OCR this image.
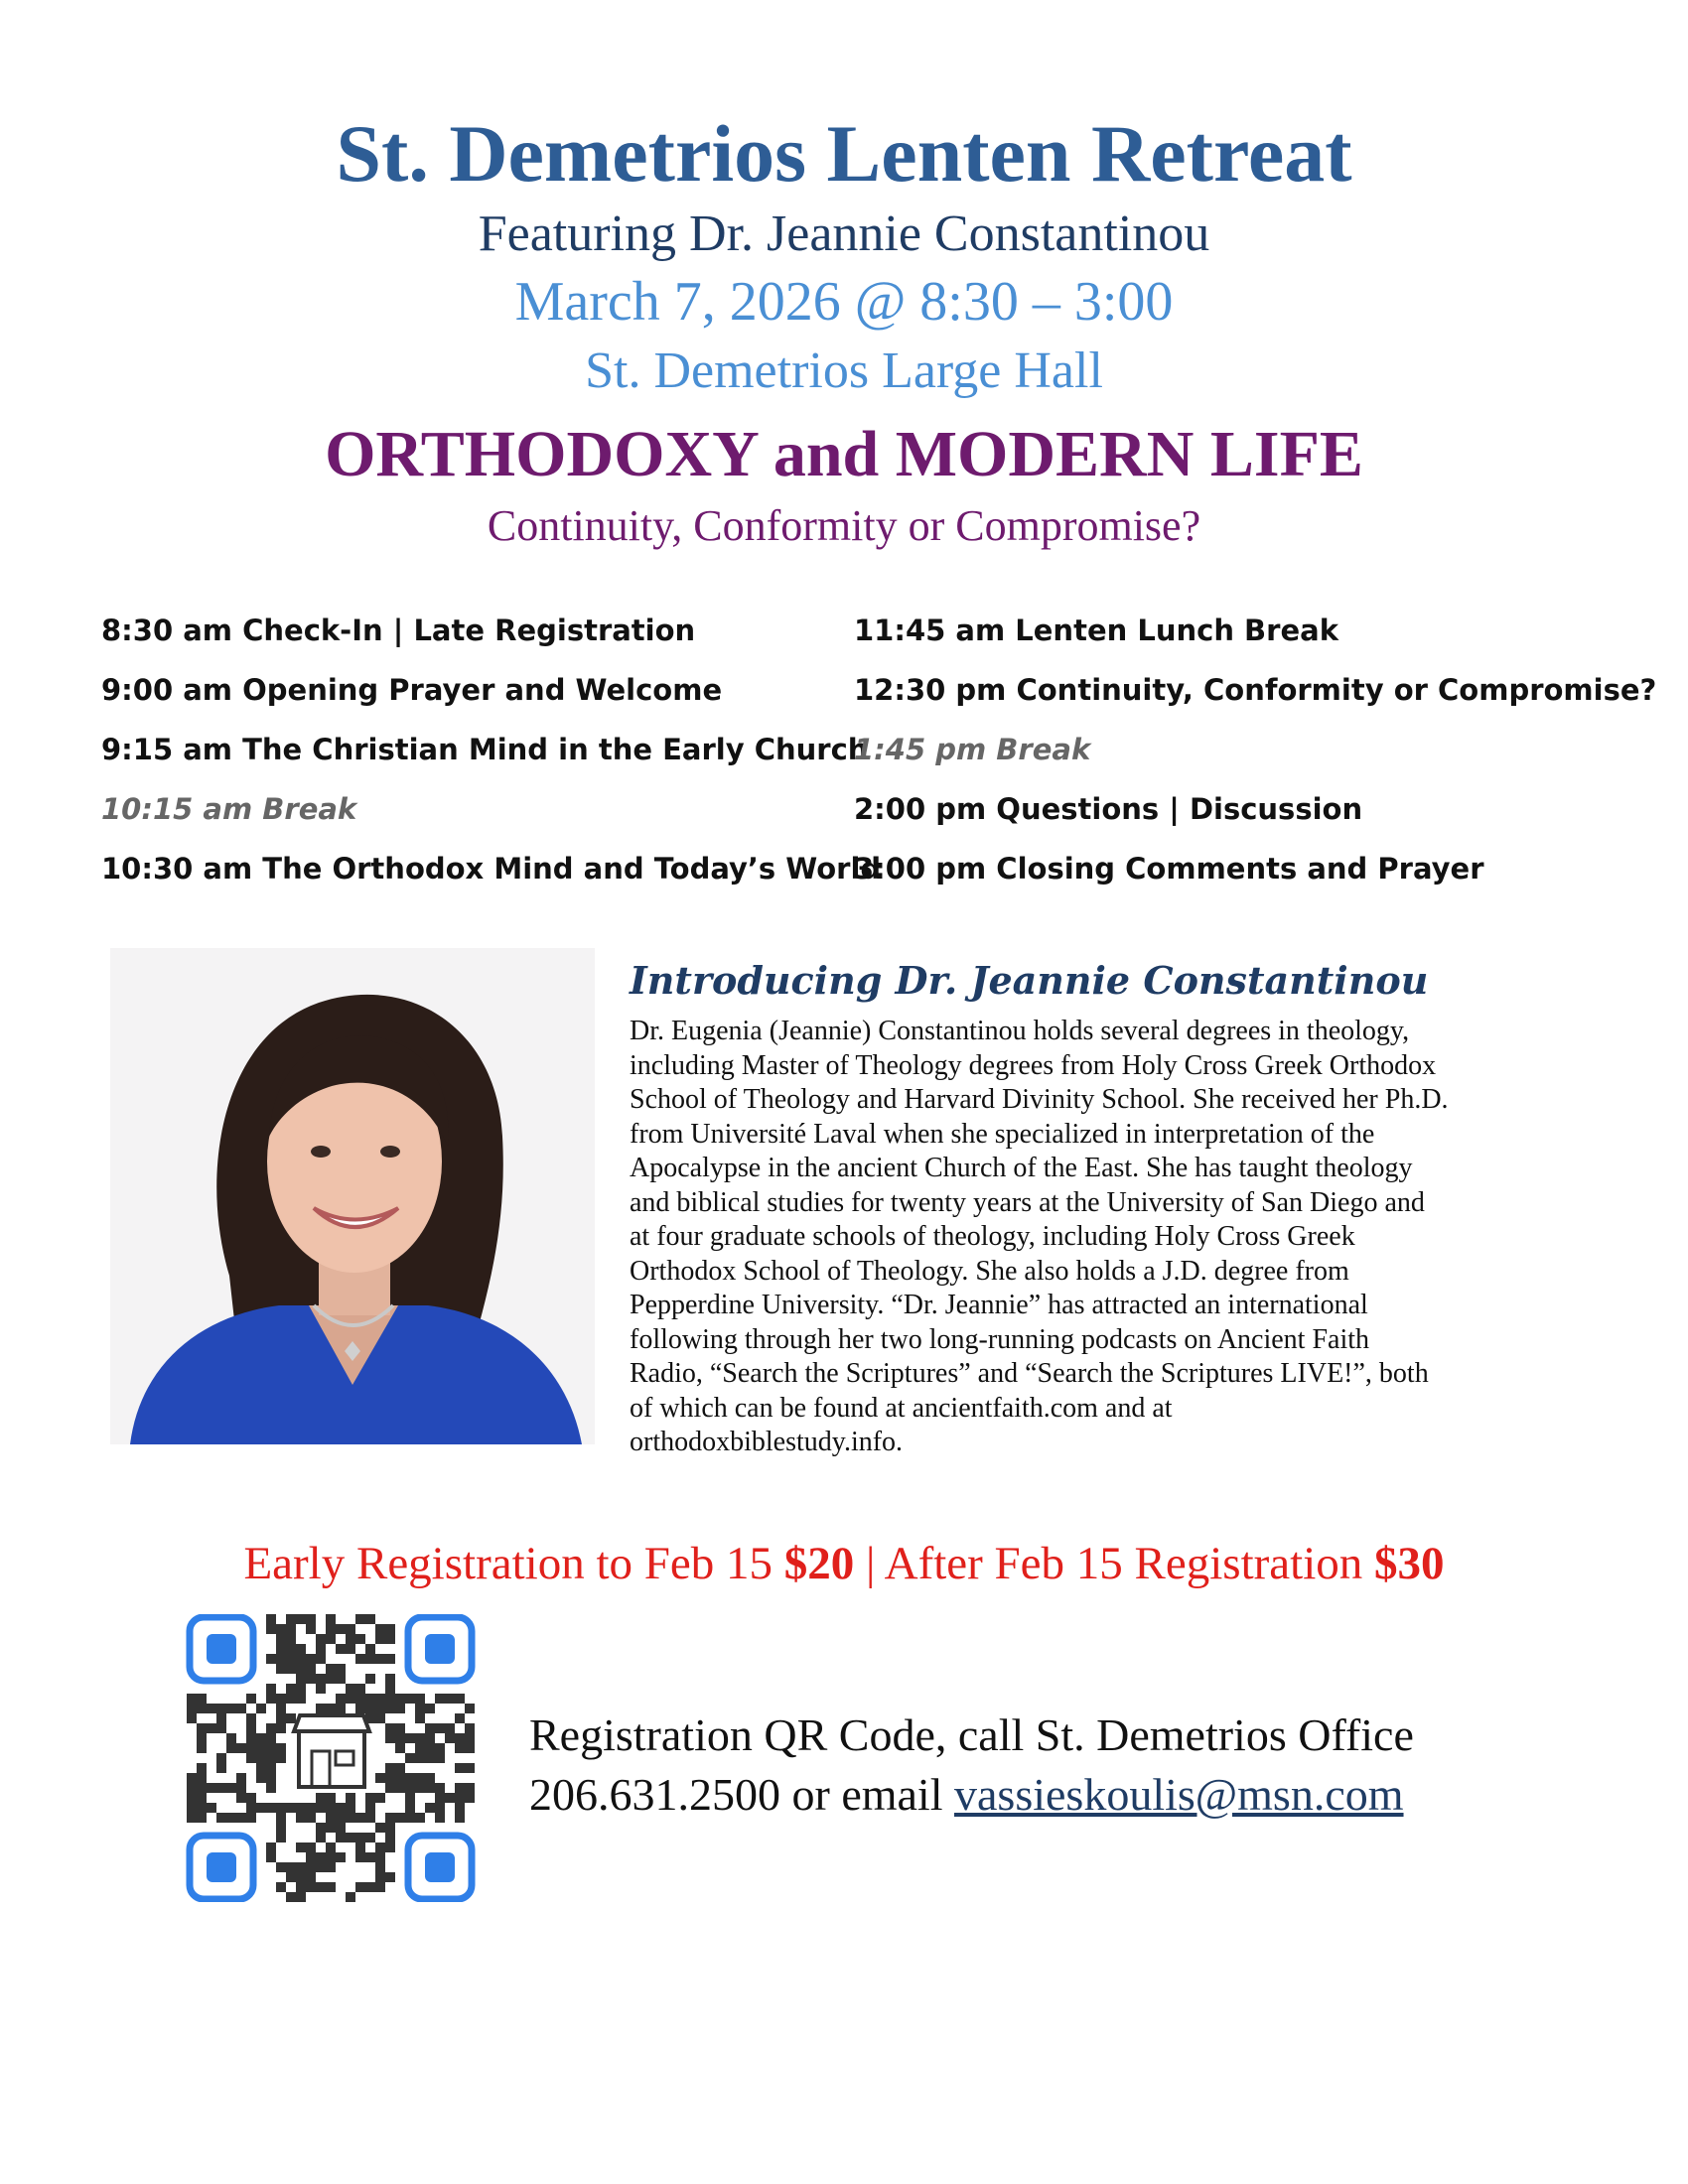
St. Demetrios Lenten Retreat
Featuring Dr. Jeannie Constantinou
March 7, 2026 @ 8:30 – 3:00
St. Demetrios Large Hall
ORTHODOXY and MODERN LIFE
Continuity, Conformity or Compromise?
8:30 am Check-In | Late Registration
9:00 am Opening Prayer and Welcome
9:15 am The Christian Mind in the Early Church
10:15 am Break
10:30 am The Orthodox Mind and Today’s World
11:45 am Lenten Lunch Break
12:30 pm Continuity, Conformity or Compromise?
1:45 pm Break
2:00 pm Questions | Discussion
3:00 pm Closing Comments and Prayer
Introducing Dr. Jeannie Constantinou
Dr. Eugenia (Jeannie) Constantinou holds several degrees in theology,
including Master of Theology degrees from Holy Cross Greek Orthodox
School of Theology and Harvard Divinity School. She received her Ph.D.
from Université Laval when she specialized in interpretation of the
Apocalypse in the ancient Church of the East. She has taught theology
and biblical studies for twenty years at the University of San Diego and
at four graduate schools of theology, including Holy Cross Greek
Orthodox School of Theology. She also holds a J.D. degree from
Pepperdine University. “Dr. Jeannie” has attracted an international
following through her two long-running podcasts on Ancient Faith
Radio, “Search the Scriptures” and “Search the Scriptures LIVE!”, both
of which can be found at ancientfaith.com and at
orthodoxbiblestudy.info.
Early Registration to Feb 15 $20 | After Feb 15 Registration $30
Registration QR Code, call St. Demetrios Office
206.631.2500 or email vassieskoulis@msn.com
